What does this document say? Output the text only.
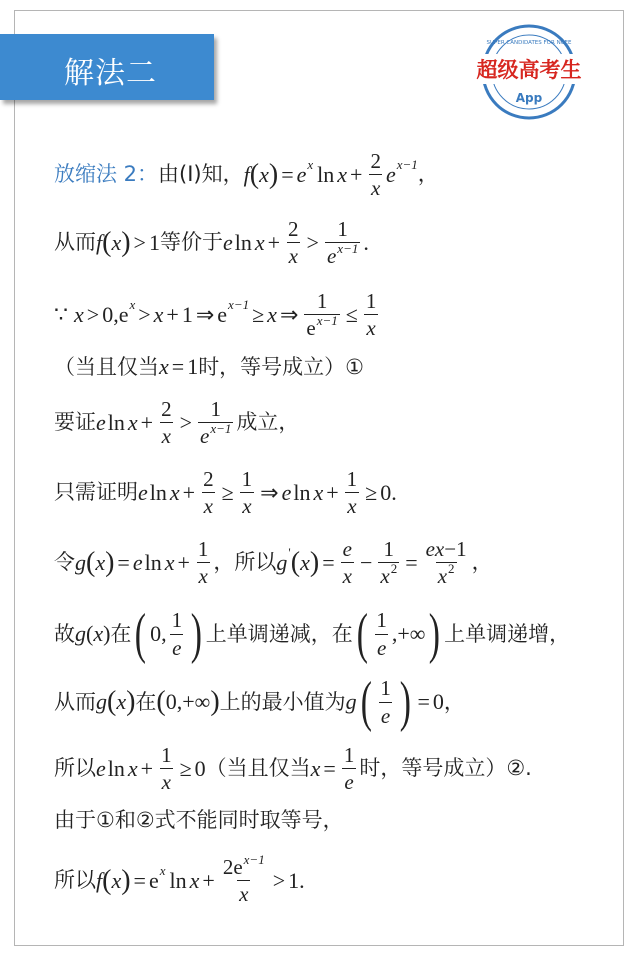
解法二	超级高考生
App
SUPER CANDIDATES FOR NCEE
放缩法 2： 由(I)知， f ( x ) = e x $\ln x + \frac{2}{x}$ e x−1 ，
从而 f ( x ) > 1 等价于 e $\ln x + \frac{2}{x} > \frac{1}{e^{x-1}}$ .
∵ x > 0, e x > x + 1 ⇒ e x−1 ≥ x ⇒ $\frac{1}{e^{x-1}} \le \frac{1}{x}$
（当且仅当 x = 1 时，等号成立）①
要证 e $\ln x + \frac{2}{x} > \frac{1}{e^{x-1}}$ 成立，
只需证明 e $\ln x + \frac{2}{x} \ge \frac{1}{x}$ ⇒ e $\ln x + \frac{1}{x} \ge 0$ .
令 g ( x ) = e $\ln x + \frac{1}{x}$ ，所以 g ' ( x ) = $\frac{e}{x} - \frac{1}{x^2} = \frac{ex-1}{x^2}$ ，
故 g ( x ) 在 ( 0, $\frac{1}{e}$ ) 上单调递减，在 ( $\frac{1}{e}$ ,+∞ ) 上单调递增，
从而 g ( x ) 在 ( 0,+∞ ) 上的最小值为 g ( $\frac{1}{e}$ ) = 0 ，
所以 e $\ln x + \frac{1}{x} \ge 0$ （当且仅当 $x = \frac{1}{e}$ 时，等号成立）②.
由于①和②式不能同时取等号，
所以 f ( x ) = e x $\ln x + \frac{2e^{x-1}}{x} > 1$ .
